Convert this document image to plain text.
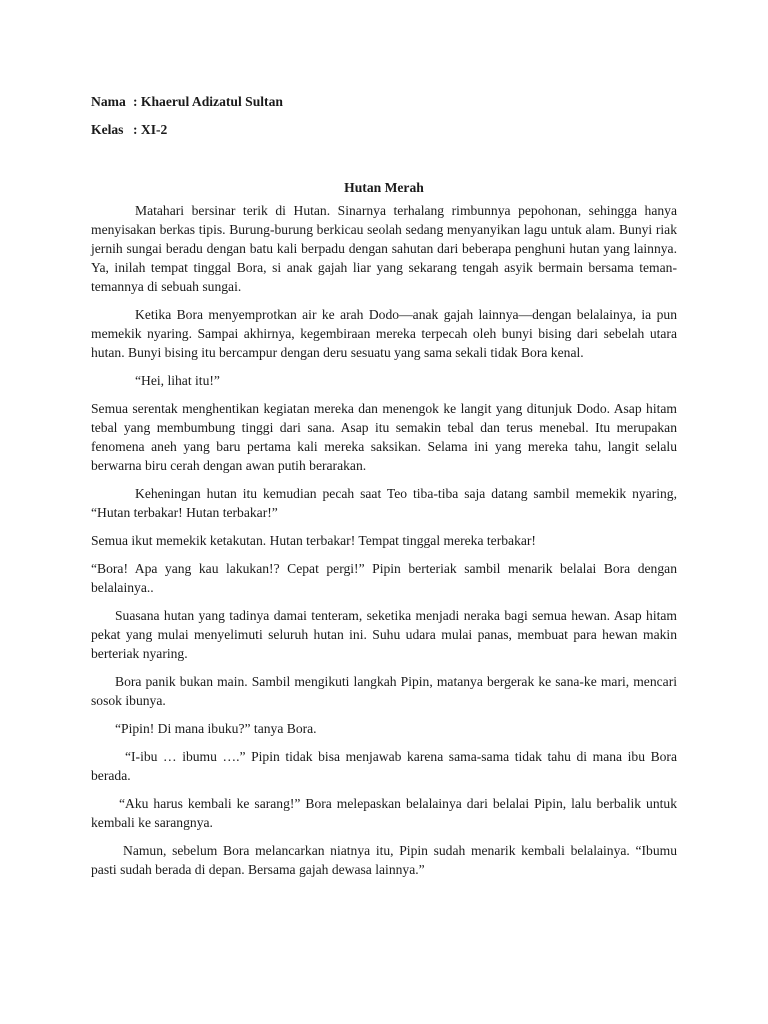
Nama : Khaerul Adizatul Sultan
Kelas : XI-2
Hutan Merah

Matahari bersinar terik di Hutan. Sinarnya terhalang rimbunnya pepohonan, sehingga hanya menyisakan berkas tipis. Burung-burung berkicau seolah sedang menyanyikan lagu untuk alam. Bunyi riak jernih sungai beradu dengan batu kali berpadu dengan sahutan dari beberapa penghuni hutan yang lainnya. Ya, inilah tempat tinggal Bora, si anak gajah liar yang sekarang tengah asyik bermain bersama teman-temannya di sebuah sungai.

Ketika Bora menyemprotkan air ke arah Dodo—anak gajah lainnya—dengan belalainya, ia pun memekik nyaring. Sampai akhirnya, kegembiraan mereka terpecah oleh bunyi bising dari sebelah utara hutan. Bunyi bising itu bercampur dengan deru sesuatu yang sama sekali tidak Bora kenal.

“Hei, lihat itu!”

Semua serentak menghentikan kegiatan mereka dan menengok ke langit yang ditunjuk Dodo. Asap hitam tebal yang membumbung tinggi dari sana. Asap itu semakin tebal dan terus menebal. Itu merupakan fenomena aneh yang baru pertama kali mereka saksikan. Selama ini yang mereka tahu, langit selalu berwarna biru cerah dengan awan putih berarakan.

Keheningan hutan itu kemudian pecah saat Teo tiba-tiba saja datang sambil memekik nyaring, “Hutan terbakar! Hutan terbakar!”

Semua ikut memekik ketakutan. Hutan terbakar! Tempat tinggal mereka terbakar!

“Bora! Apa yang kau lakukan!? Cepat pergi!” Pipin berteriak sambil menarik belalai Bora dengan belalainya..

Suasana hutan yang tadinya damai tenteram, seketika menjadi neraka bagi semua hewan. Asap hitam pekat yang mulai menyelimuti seluruh hutan ini. Suhu udara mulai panas, membuat para hewan makin berteriak nyaring.

Bora panik bukan main. Sambil mengikuti langkah Pipin, matanya bergerak ke sana-ke mari, mencari sosok ibunya.

“Pipin! Di mana ibuku?” tanya Bora.

“I-ibu … ibumu ….” Pipin tidak bisa menjawab karena sama-sama tidak tahu di mana ibu Bora berada.

“Aku harus kembali ke sarang!” Bora melepaskan belalainya dari belalai Pipin, lalu berbalik untuk kembali ke sarangnya.

Namun, sebelum Bora melancarkan niatnya itu, Pipin sudah menarik kembali belalainya. “Ibumu pasti sudah berada di depan. Bersama gajah dewasa lainnya.”
